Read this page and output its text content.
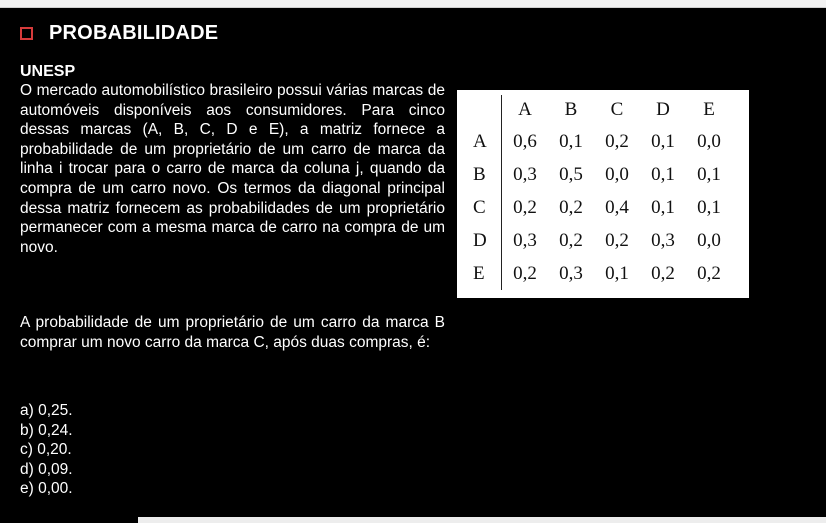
PROBABILIDADE
UNESP
O mercado automobilístico brasileiro possui várias marcas de automóveis disponíveis aos consumidores. Para cinco dessas marcas (A, B, C, D e E), a matriz fornece a probabilidade de um proprietário de um carro de marca da linha i trocar para o carro de marca da coluna j, quando da compra de um carro novo. Os termos da diagonal principal dessa matriz fornecem as probabilidades de um proprietário permanecer com a mesma marca de carro na compra de um novo.
	A	B	C	D	E
A	0,6	0,1	0,2	0,1	0,0
B	0,3	0,5	0,0	0,1	0,1
C	0,2	0,2	0,4	0,1	0,1
D	0,3	0,2	0,2	0,3	0,0
E	0,2	0,3	0,1	0,2	0,2
A probabilidade de um proprietário de um carro da marca B comprar um novo carro da marca C, após duas compras, é:
a) 0,25.
b) 0,24.
c) 0,20.
d) 0,09.
e) 0,00.
